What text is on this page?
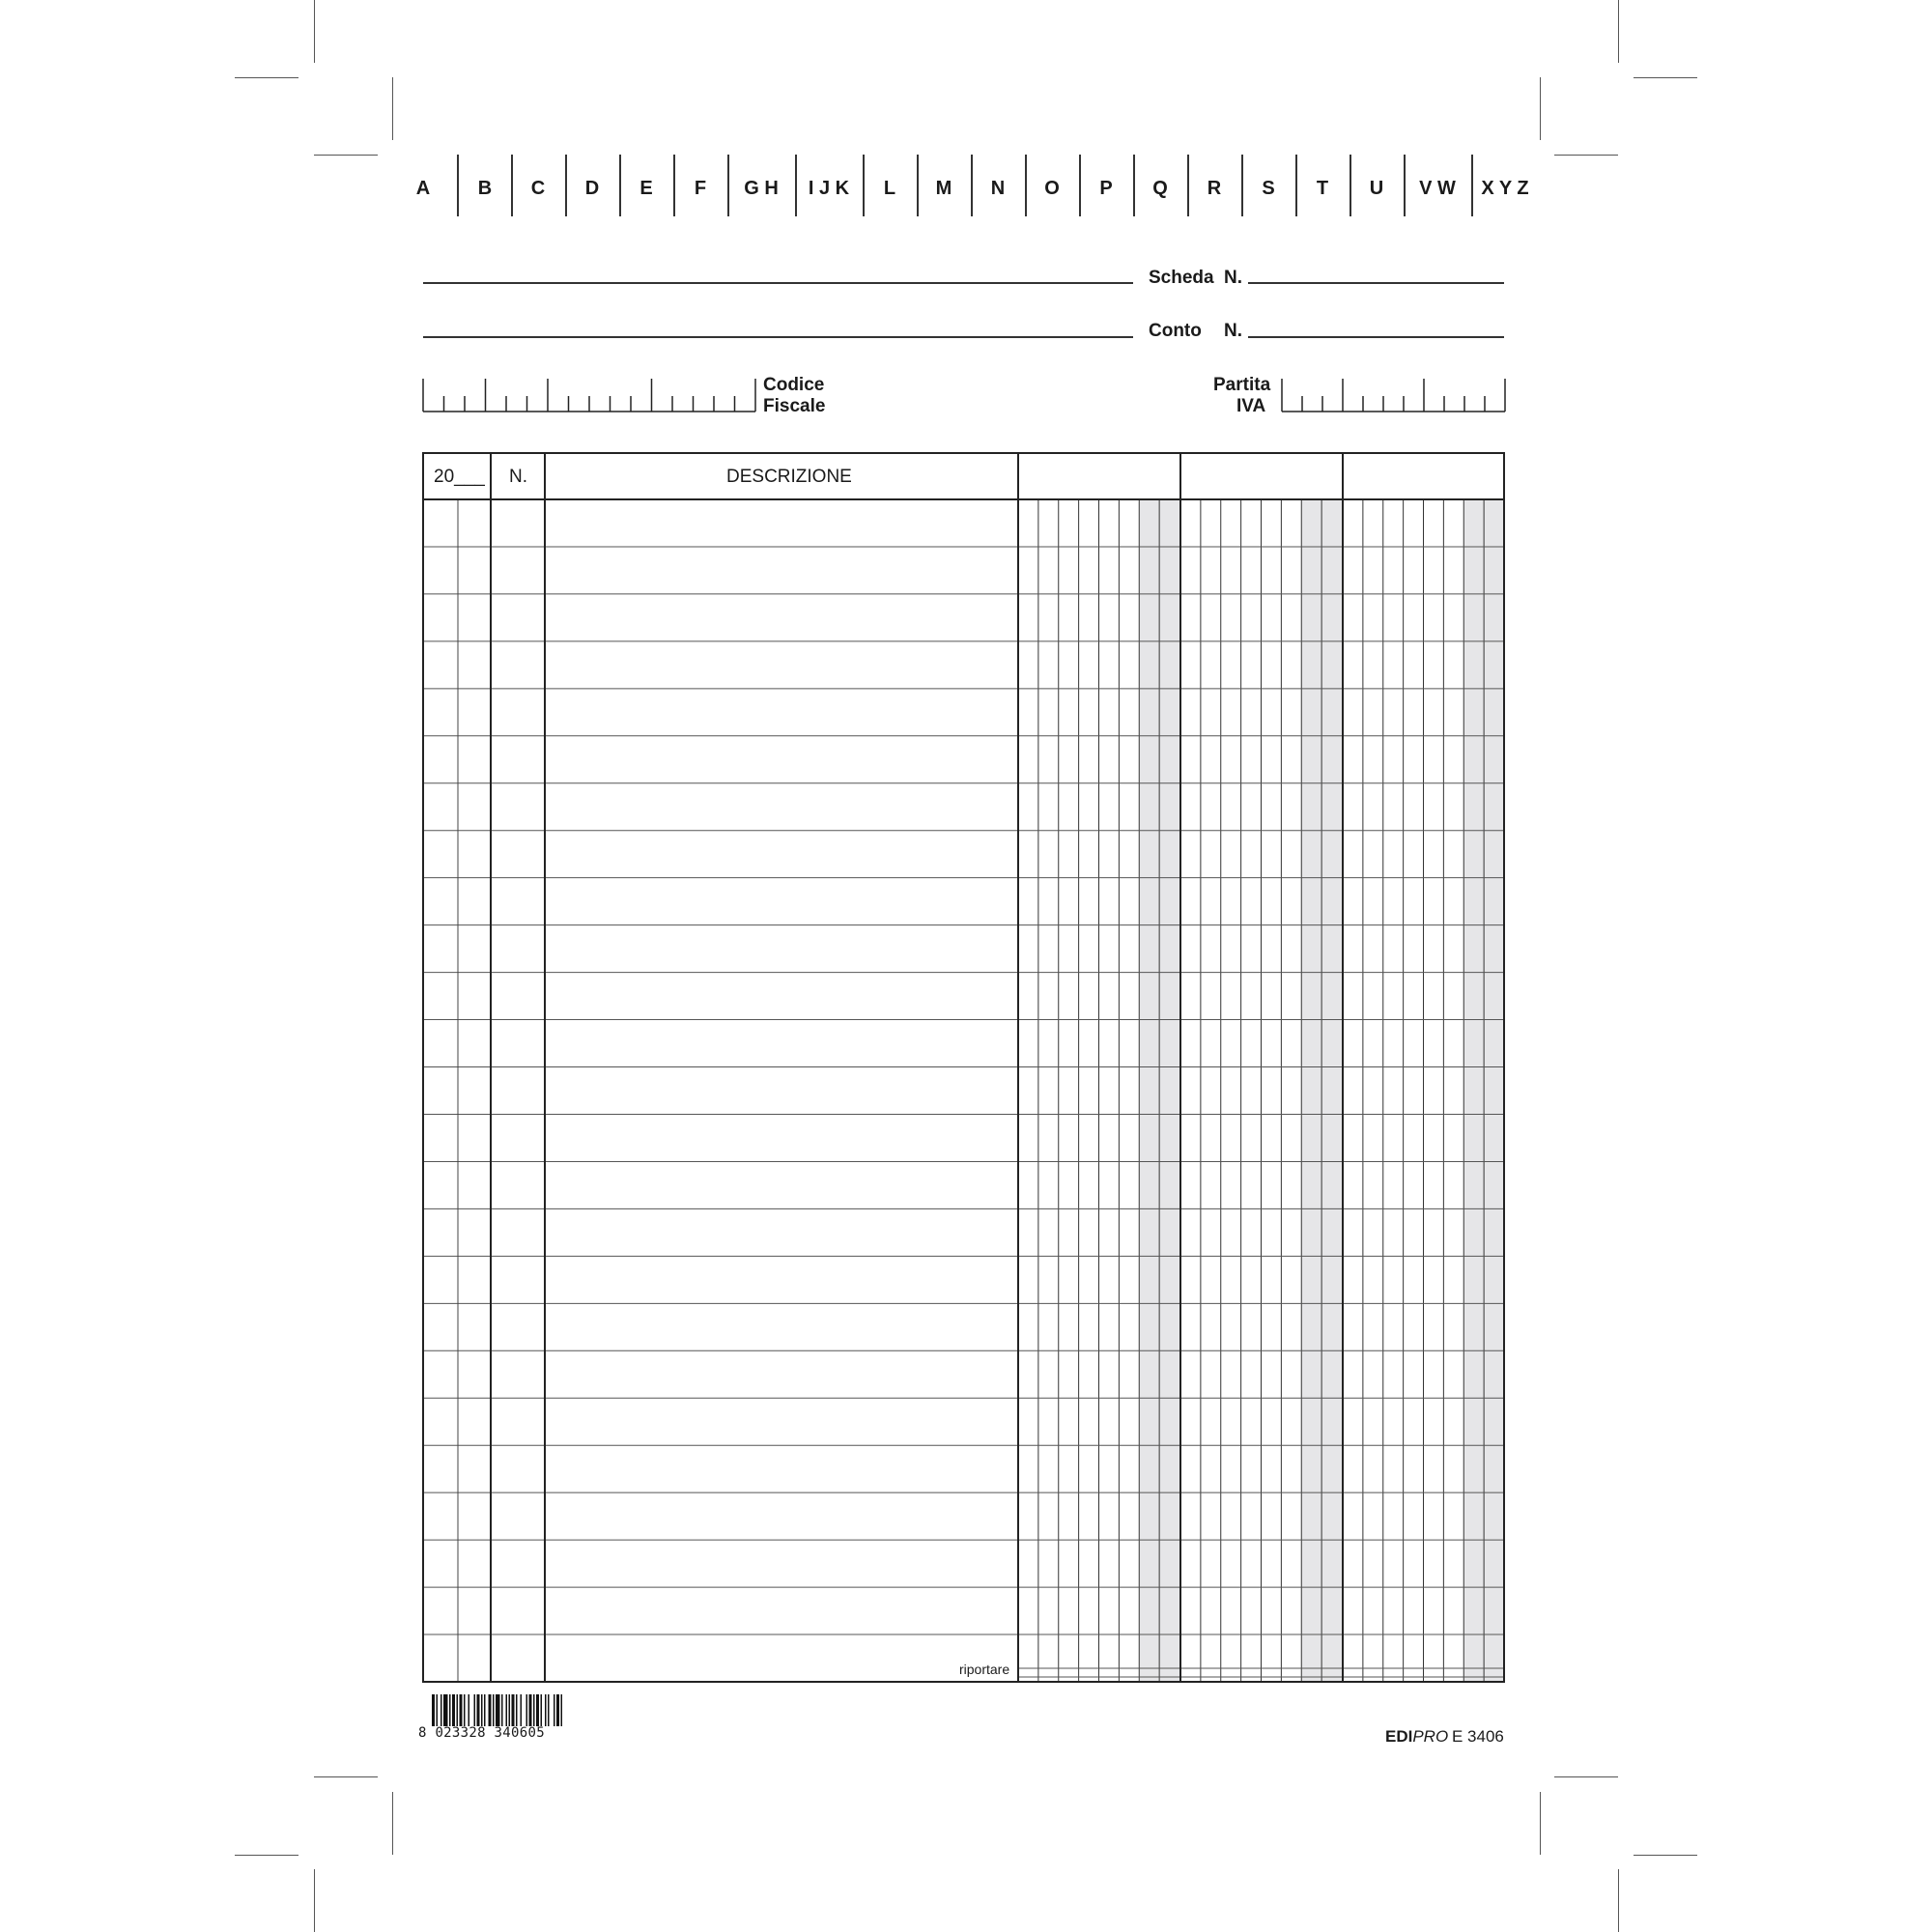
A B C D E F G H I J K L M N O P Q R S T U V W X Y Z
Scheda N.
Conto N.
Codice
Fiscale
Partita
IVA
20___ N.	DESCRIZIONE
riportare
8 023328 340605	EDIPRO E 3406
